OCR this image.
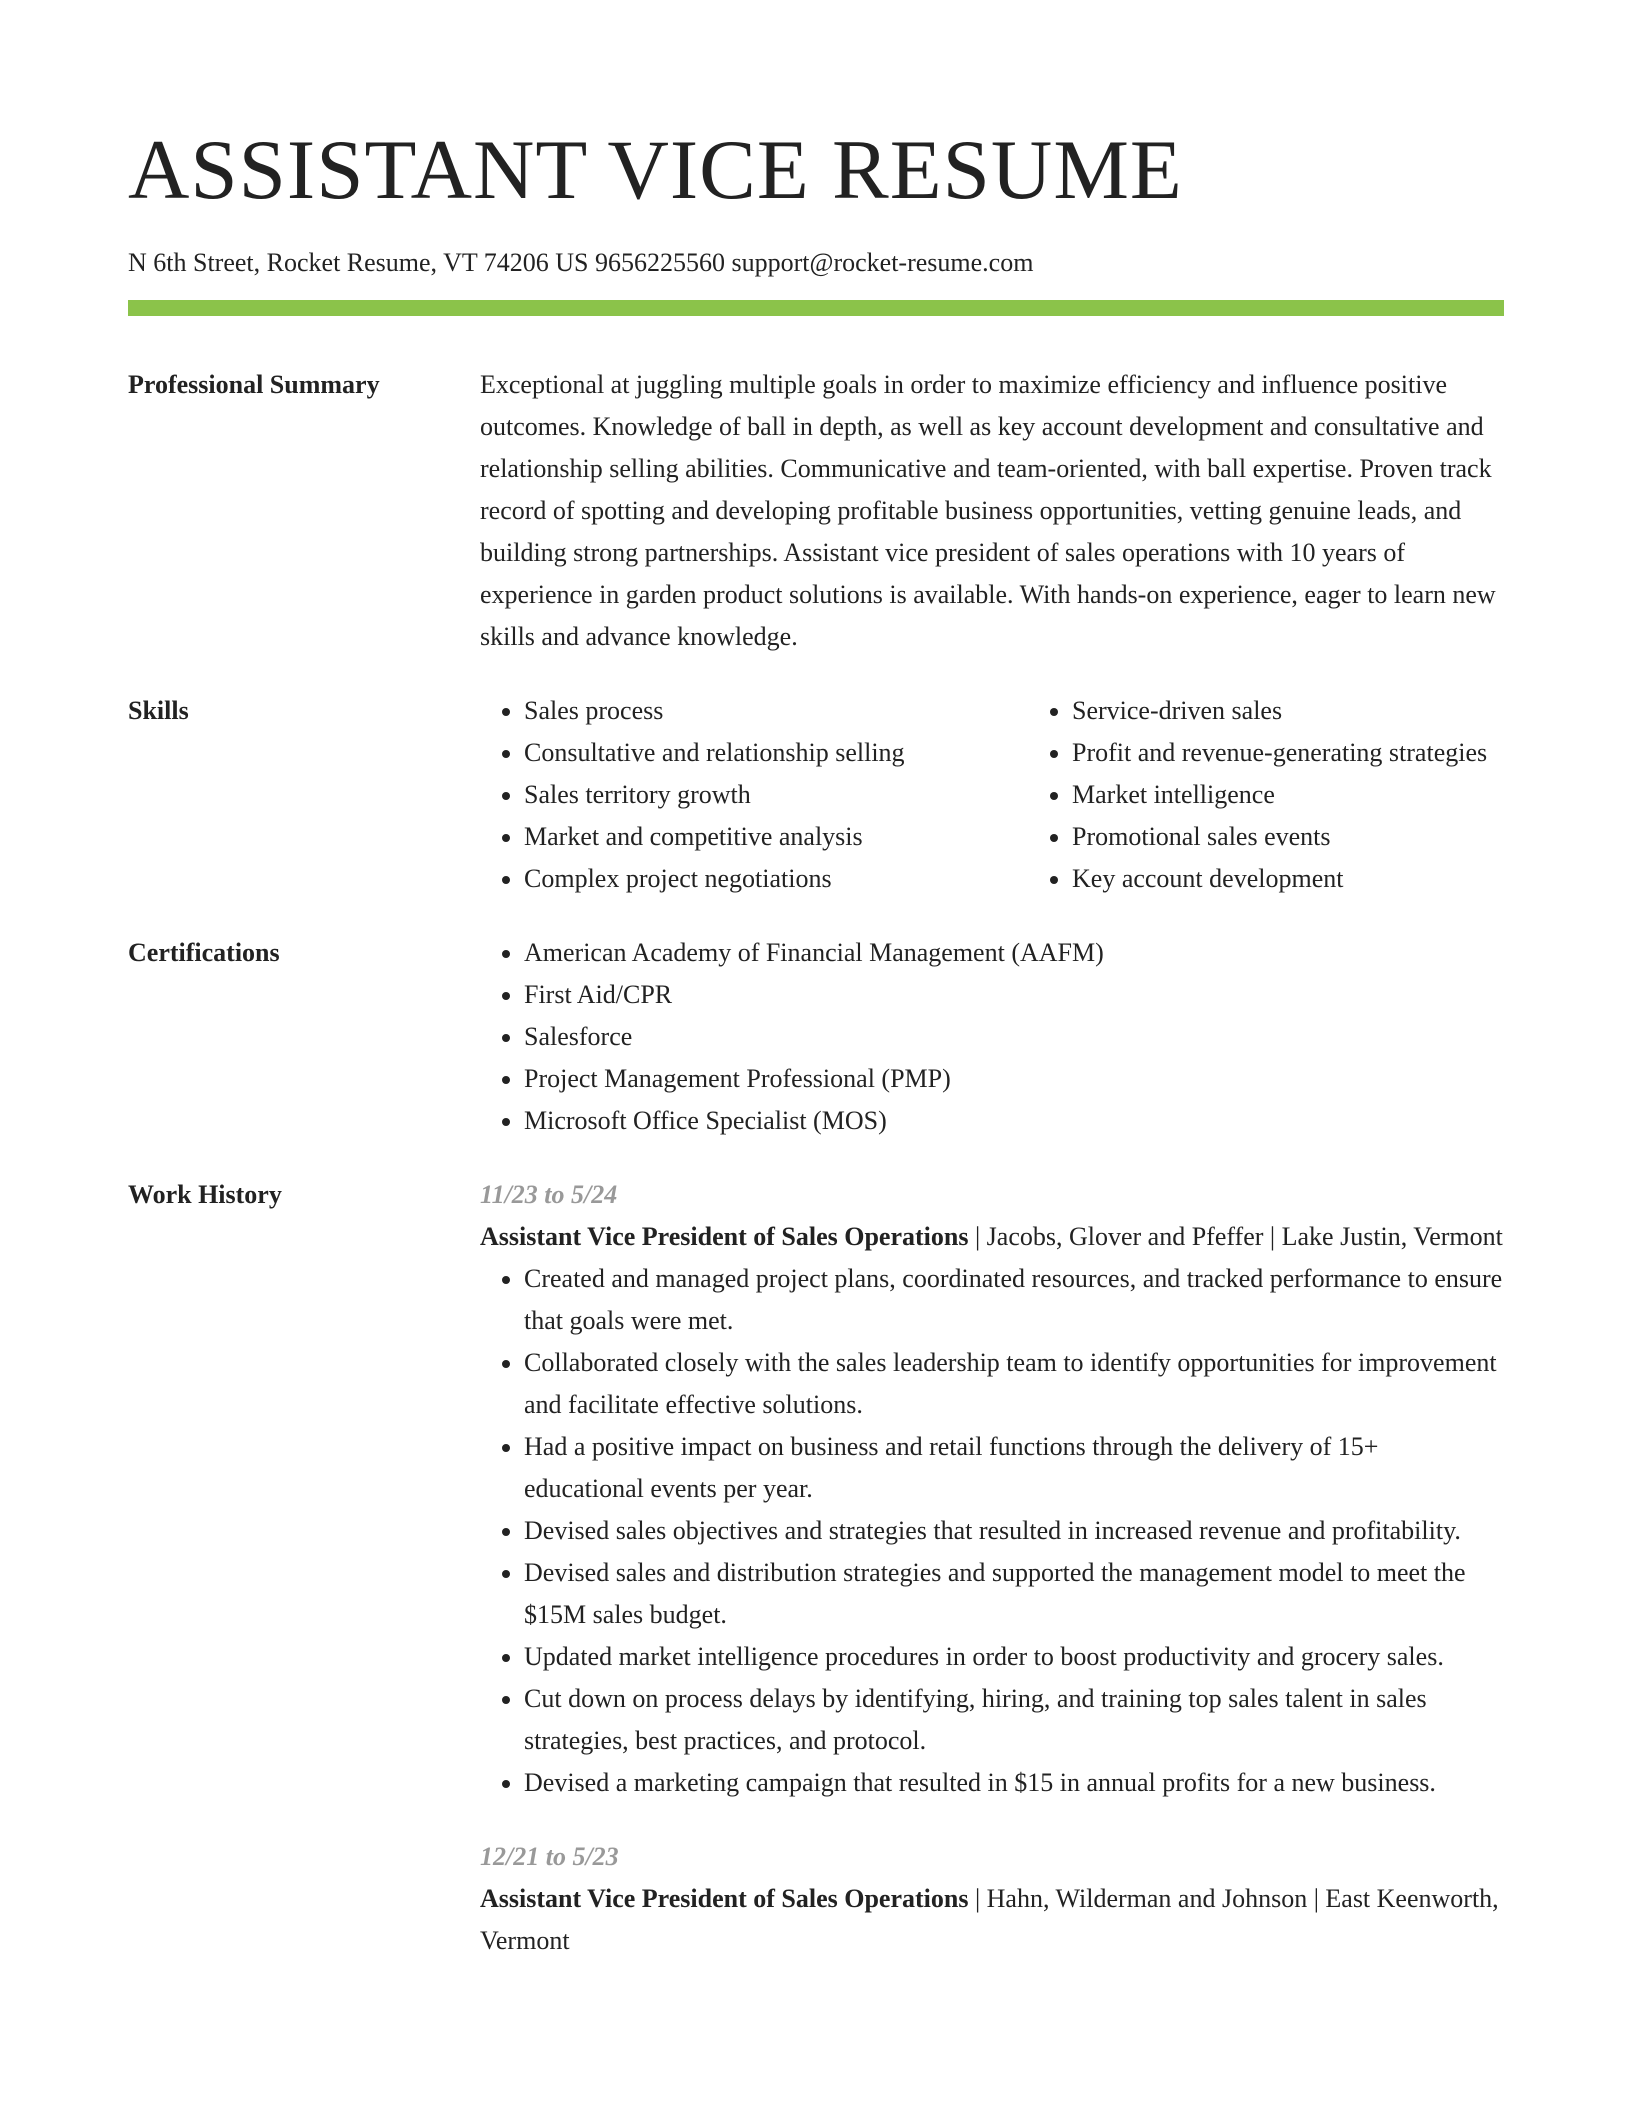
ASSISTANT VICE RESUME
N 6th Street, Rocket Resume, VT 74206 US 9656225560 support@rocket-resume.com
Professional Summary	Exceptional at juggling multiple goals in order to maximize efficiency and influence positive outcomes. Knowledge of ball in depth, as well as key account development and consultative and relationship selling abilities. Communicative and team-oriented, with ball expertise. Proven track record of spotting and developing profitable business opportunities, vetting genuine leads, and building strong partnerships. Assistant vice president of sales operations with 10 years of experience in garden product solutions is available. With hands-on experience, eager to learn new skills and advance knowledge.
Skills	• Sales process
• Consultative and relationship selling
• Sales territory growth
• Market and competitive analysis
• Complex project negotiations
• Service-driven sales
• Profit and revenue-generating strategies
• Market intelligence
• Promotional sales events
• Key account development
Certifications	• American Academy of Financial Management (AAFM)
• First Aid/CPR
• Salesforce
• Project Management Professional (PMP)
• Microsoft Office Specialist (MOS)
Work History	11/23 to 5/24
Assistant Vice President of Sales Operations | Jacobs, Glover and Pfeffer | Lake Justin, Vermont
• Created and managed project plans, coordinated resources, and tracked performance to ensure that goals were met.
• Collaborated closely with the sales leadership team to identify opportunities for improvement and facilitate effective solutions.
• Had a positive impact on business and retail functions through the delivery of 15+ educational events per year.
• Devised sales objectives and strategies that resulted in increased revenue and profitability.
• Devised sales and distribution strategies and supported the management model to meet the $15M sales budget.
• Updated market intelligence procedures in order to boost productivity and grocery sales.
• Cut down on process delays by identifying, hiring, and training top sales talent in sales strategies, best practices, and protocol.
• Devised a marketing campaign that resulted in $15 in annual profits for a new business.
12/21 to 5/23
Assistant Vice President of Sales Operations | Hahn, Wilderman and Johnson | East Keenworth, Vermont
